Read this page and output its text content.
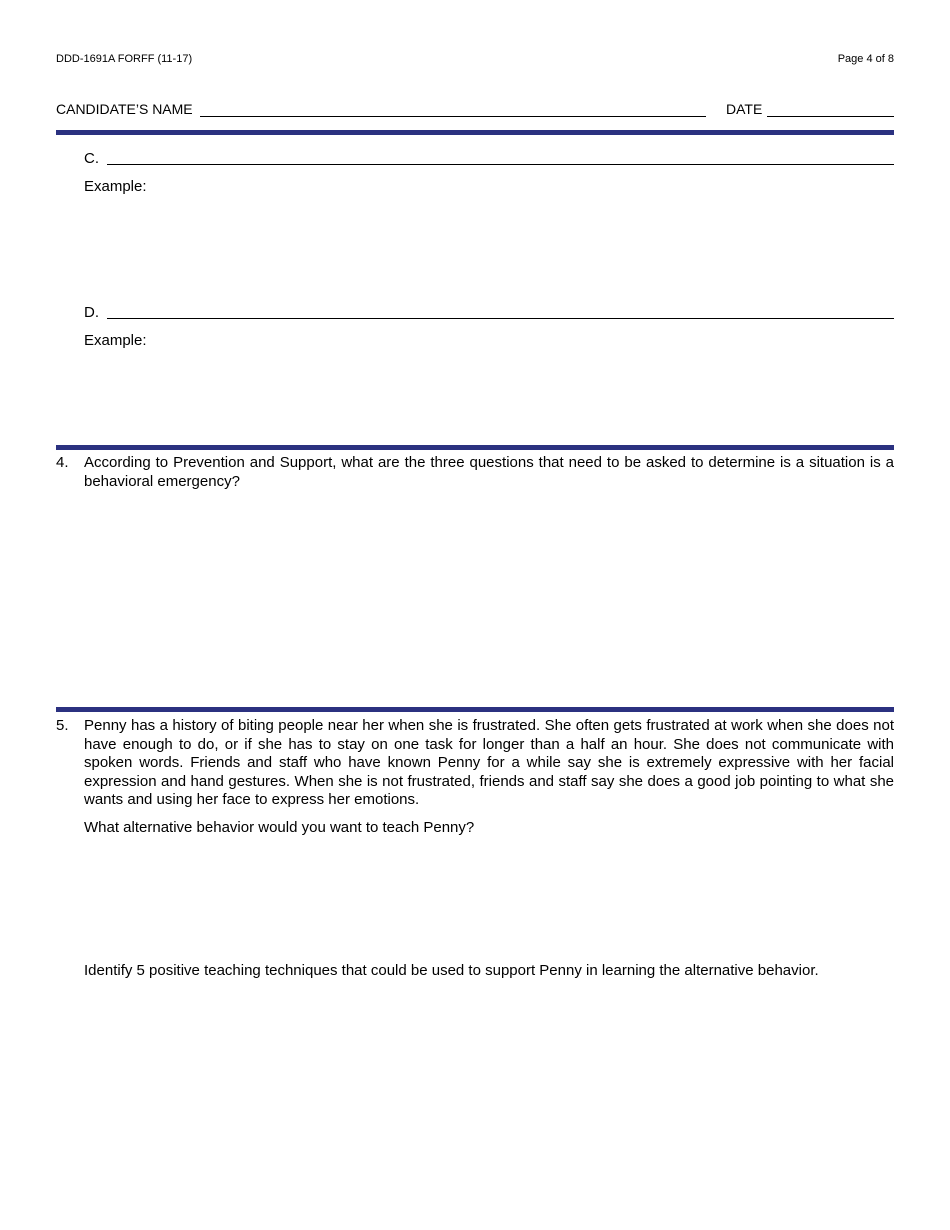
DDD-1691A FORFF (11-17)	Page 4 of 8
CANDIDATE’S NAME	DATE
C.
Example:
D.
Example:
4. According to Prevention and Support, what are the three questions that need to be asked to determine is a situation is a behavioral emergency?
5. Penny has a history of biting people near her when she is frustrated. She often gets frustrated at work when she does not have enough to do, or if she has to stay on one task for longer than a half an hour. She does not communicate with spoken words. Friends and staff who have known Penny for a while say she is extremely expressive with her facial expression and hand gestures. When she is not frustrated, friends and staff say she does a good job pointing to what she wants and using her face to express her emotions.
What alternative behavior would you want to teach Penny?
Identify 5 positive teaching techniques that could be used to support Penny in learning the alternative behavior.
